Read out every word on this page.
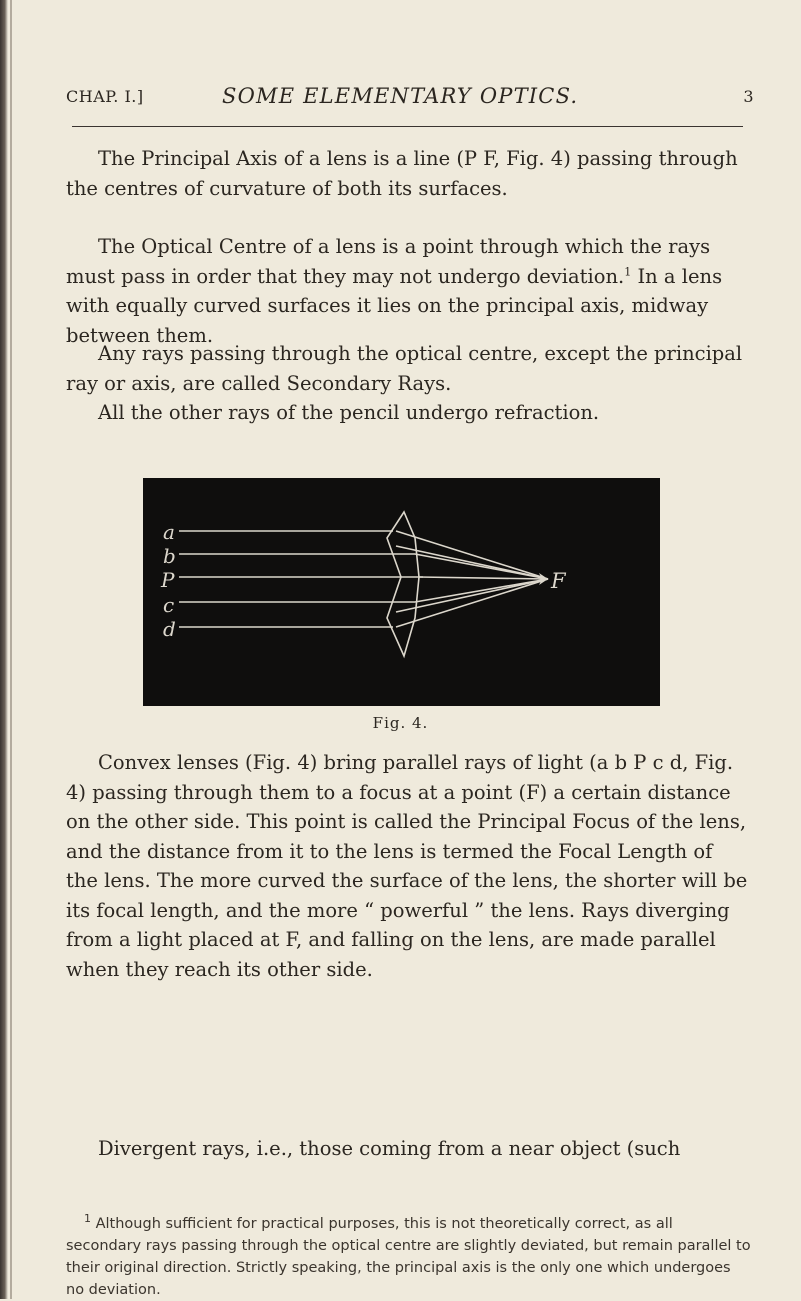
CHAP. I.]	SOME ELEMENTARY OPTICS.	3

The Principal Axis of a lens is a line (P F, Fig. 4) passing through the centres of curvature of both its surfaces.

The Optical Centre of a lens is a point through which the rays must pass in order that they may not undergo deviation.$^1$ In a lens with equally curved surfaces it lies on the principal axis, midway between them.

Any rays passing through the optical centre, except the principal ray or axis, are called Secondary Rays.

All the other rays of the pencil undergo refraction.

a
b
P
c
d
F
Fig. 4.

Convex lenses (Fig. 4) bring parallel rays of light (a b P c d, Fig. 4) passing through them to a focus at a point (F) a certain distance on the other side. This point is called the Principal Focus of the lens, and the distance from it to the lens is termed the Focal Length of the lens. The more curved the surface of the lens, the shorter will be its focal length, and the more “ powerful ” the lens. Rays diverging from a light placed at F, and falling on the lens, are made parallel when they reach its other side.

Divergent rays, i.e., those coming from a near object (such

$^1$ Although sufficient for practical purposes, this is not theoretically correct, as all secondary rays passing through the optical centre are slightly deviated, but remain parallel to their original direction. Strictly speaking, the principal axis is the only one which undergoes no deviation.
